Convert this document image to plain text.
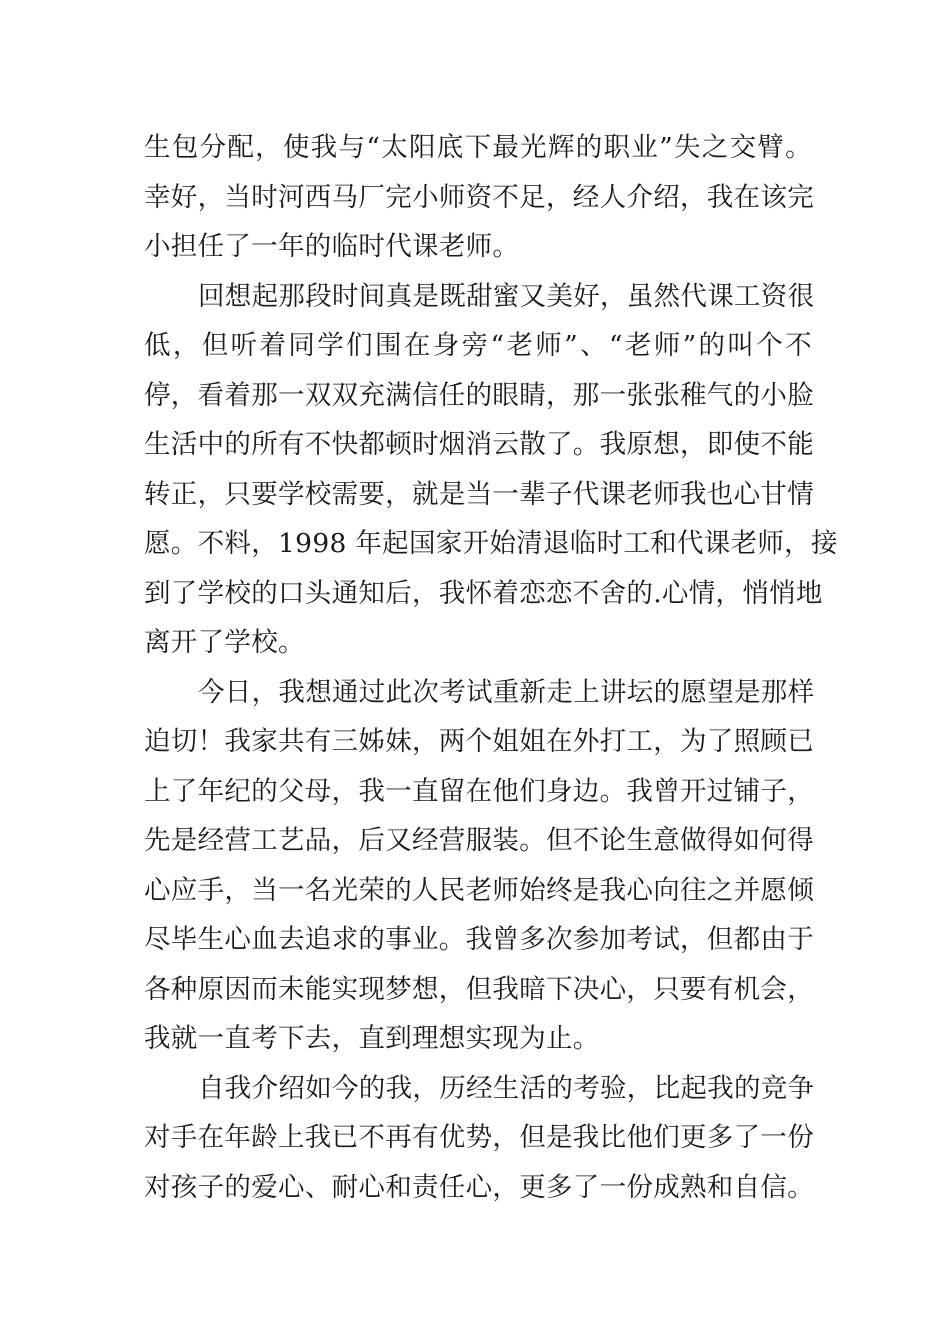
生包分配，使我与“太阳底下最光辉的职业”失之交臂。
幸好，当时河西马厂完小师资不足，经人介绍，我在该完
小担任了一年的临时代课老师。
回想起那段时间真是既甜蜜又美好，虽然代课工资很
低，但听着同学们围在身旁“老师”、“老师”的叫个不
停，看着那一双双充满信任的眼睛，那一张张稚气的小脸
生活中的所有不快都顿时烟消云散了。我原想，即使不能
转正，只要学校需要，就是当一辈子代课老师我也心甘情
愿。不料，1998 年起国家开始清退临时工和代课老师，接
到了学校的口头通知后，我怀着恋恋不舍的.心情，悄悄地
离开了学校。
今日，我想通过此次考试重新走上讲坛的愿望是那样
迫切！我家共有三姊妹，两个姐姐在外打工，为了照顾已
上了年纪的父母，我一直留在他们身边。我曾开过铺子，
先是经营工艺品，后又经营服装。但不论生意做得如何得
心应手，当一名光荣的人民老师始终是我心向往之并愿倾
尽毕生心血去追求的事业。我曾多次参加考试，但都由于
各种原因而未能实现梦想，但我暗下决心，只要有机会，
我就一直考下去，直到理想实现为止。
自我介绍如今的我，历经生活的考验，比起我的竞争
对手在年龄上我已不再有优势，但是我比他们更多了一份
对孩子的爱心、耐心和责任心，更多了一份成熟和自信。
